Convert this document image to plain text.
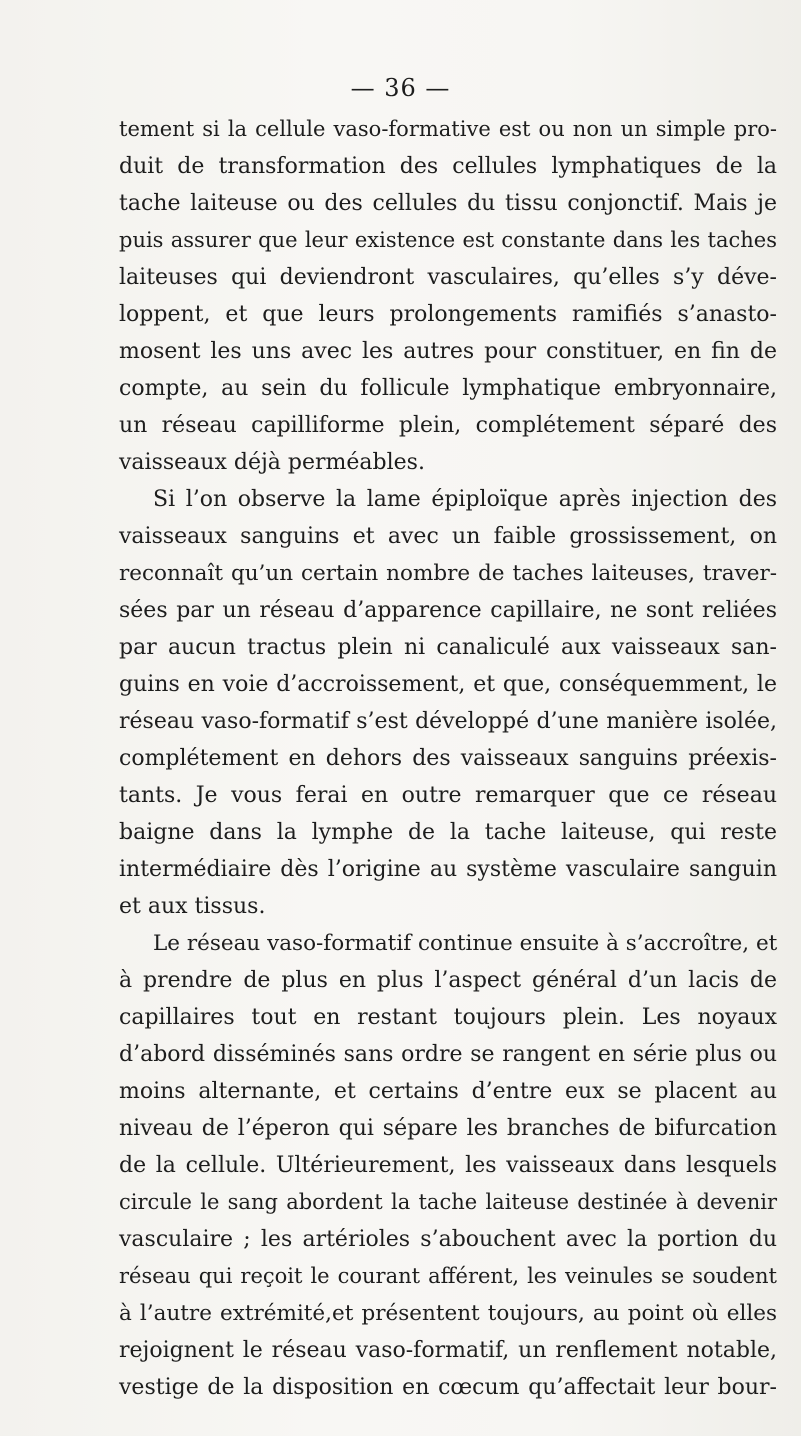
— 36 —
tement si la cellule vaso-formative est ou non un simple pro-
duit de transformation des cellules lymphatiques de la
tache laiteuse ou des cellules du tissu conjonctif. Mais je
puis assurer que leur existence est constante dans les taches
laiteuses qui deviendront vasculaires, qu’elles s’y déve-
loppent, et que leurs prolongements ramifiés s’anasto-
mosent les uns avec les autres pour constituer, en fin de
compte, au sein du follicule lymphatique embryonnaire,
un réseau capilliforme plein, complétement séparé des
vaisseaux déjà perméables.
Si l’on observe la lame épiploïque après injection des
vaisseaux sanguins et avec un faible grossissement, on
reconnaît qu’un certain nombre de taches laiteuses, traver-
sées par un réseau d’apparence capillaire, ne sont reliées
par aucun tractus plein ni canaliculé aux vaisseaux san-
guins en voie d’accroissement, et que, conséquemment, le
réseau vaso-formatif s’est développé d’une manière isolée,
complétement en dehors des vaisseaux sanguins préexis-
tants. Je vous ferai en outre remarquer que ce réseau
baigne dans la lymphe de la tache laiteuse, qui reste
intermédiaire dès l’origine au système vasculaire sanguin
et aux tissus.
Le réseau vaso-formatif continue ensuite à s’accroître, et
à prendre de plus en plus l’aspect général d’un lacis de
capillaires tout en restant toujours plein. Les noyaux
d’abord disséminés sans ordre se rangent en série plus ou
moins alternante, et certains d’entre eux se placent au
niveau de l’éperon qui sépare les branches de bifurcation
de la cellule. Ultérieurement, les vaisseaux dans lesquels
circule le sang abordent la tache laiteuse destinée à devenir
vasculaire ; les artérioles s’abouchent avec la portion du
réseau qui reçoit le courant afférent, les veinules se soudent
à l’autre extrémité,et présentent toujours, au point où elles
rejoignent le réseau vaso-formatif, un renflement notable,
vestige de la disposition en cœcum qu’affectait leur bour-
